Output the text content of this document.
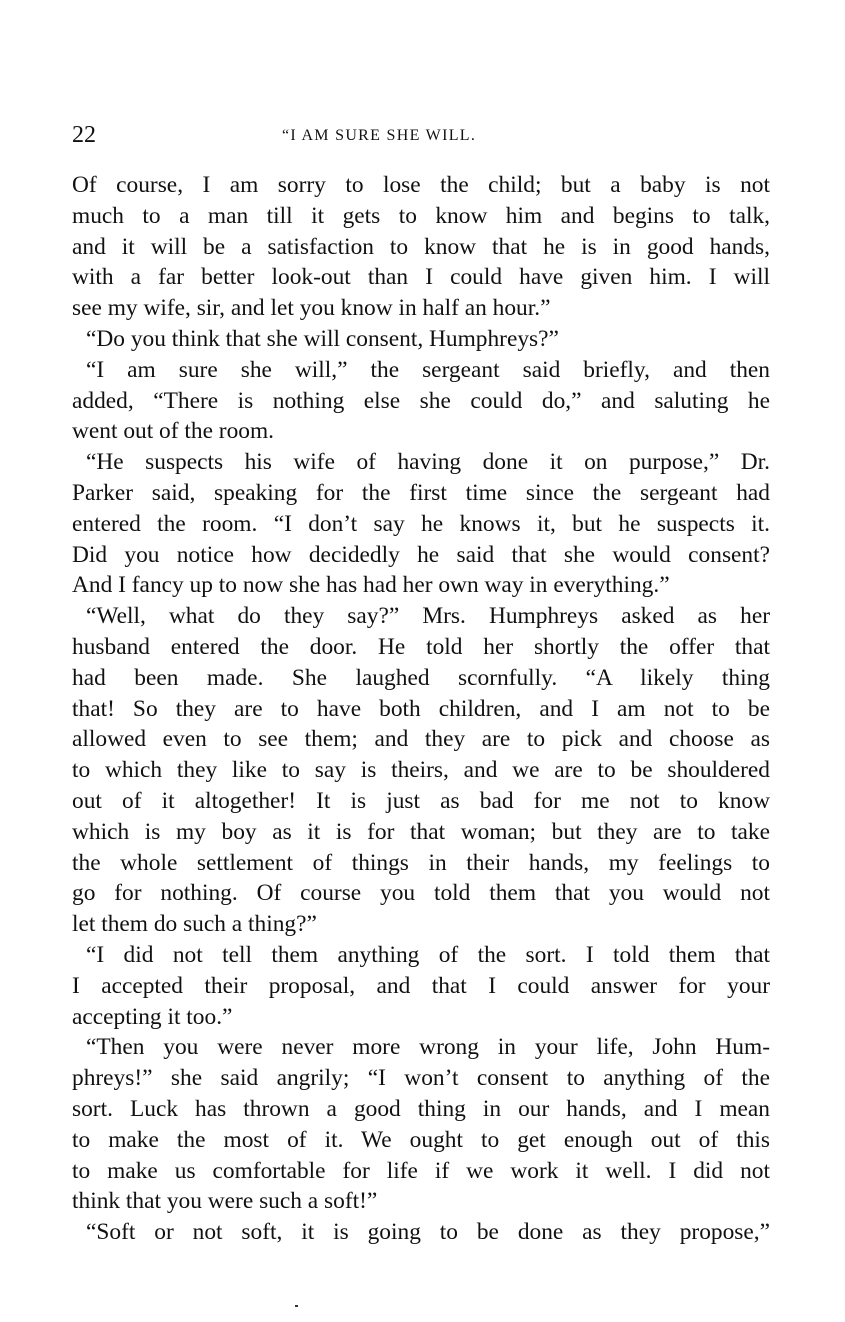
22	“I AM SURE SHE WILL.
Of course, I am sorry to lose the child; but a baby is not
much to a man till it gets to know him and begins to talk,
and it will be a satisfaction to know that he is in good hands,
with a far better look-out than I could have given him. I will
see my wife, sir, and let you know in half an hour.”
“Do you think that she will consent, Humphreys?”
“I am sure she will,” the sergeant said briefly, and then
added, “There is nothing else she could do,” and saluting he
went out of the room.
“He suspects his wife of having done it on purpose,” Dr.
Parker said, speaking for the first time since the sergeant had
entered the room. “I don’t say he knows it, but he suspects it.
Did you notice how decidedly he said that she would consent?
And I fancy up to now she has had her own way in everything.”
“Well, what do they say?” Mrs. Humphreys asked as her
husband entered the door. He told her shortly the offer that
had been made. She laughed scornfully. “A likely thing
that! So they are to have both children, and I am not to be
allowed even to see them; and they are to pick and choose as
to which they like to say is theirs, and we are to be shouldered
out of it altogether! It is just as bad for me not to know
which is my boy as it is for that woman; but they are to take
the whole settlement of things in their hands, my feelings to
go for nothing. Of course you told them that you would not
let them do such a thing?”
“I did not tell them anything of the sort. I told them that
I accepted their proposal, and that I could answer for your
accepting it too.”
“Then you were never more wrong in your life, John Hum-
phreys!” she said angrily; “I won’t consent to anything of the
sort. Luck has thrown a good thing in our hands, and I mean
to make the most of it. We ought to get enough out of this
to make us comfortable for life if we work it well. I did not
think that you were such a soft!”
“Soft or not soft, it is going to be done as they propose,”
